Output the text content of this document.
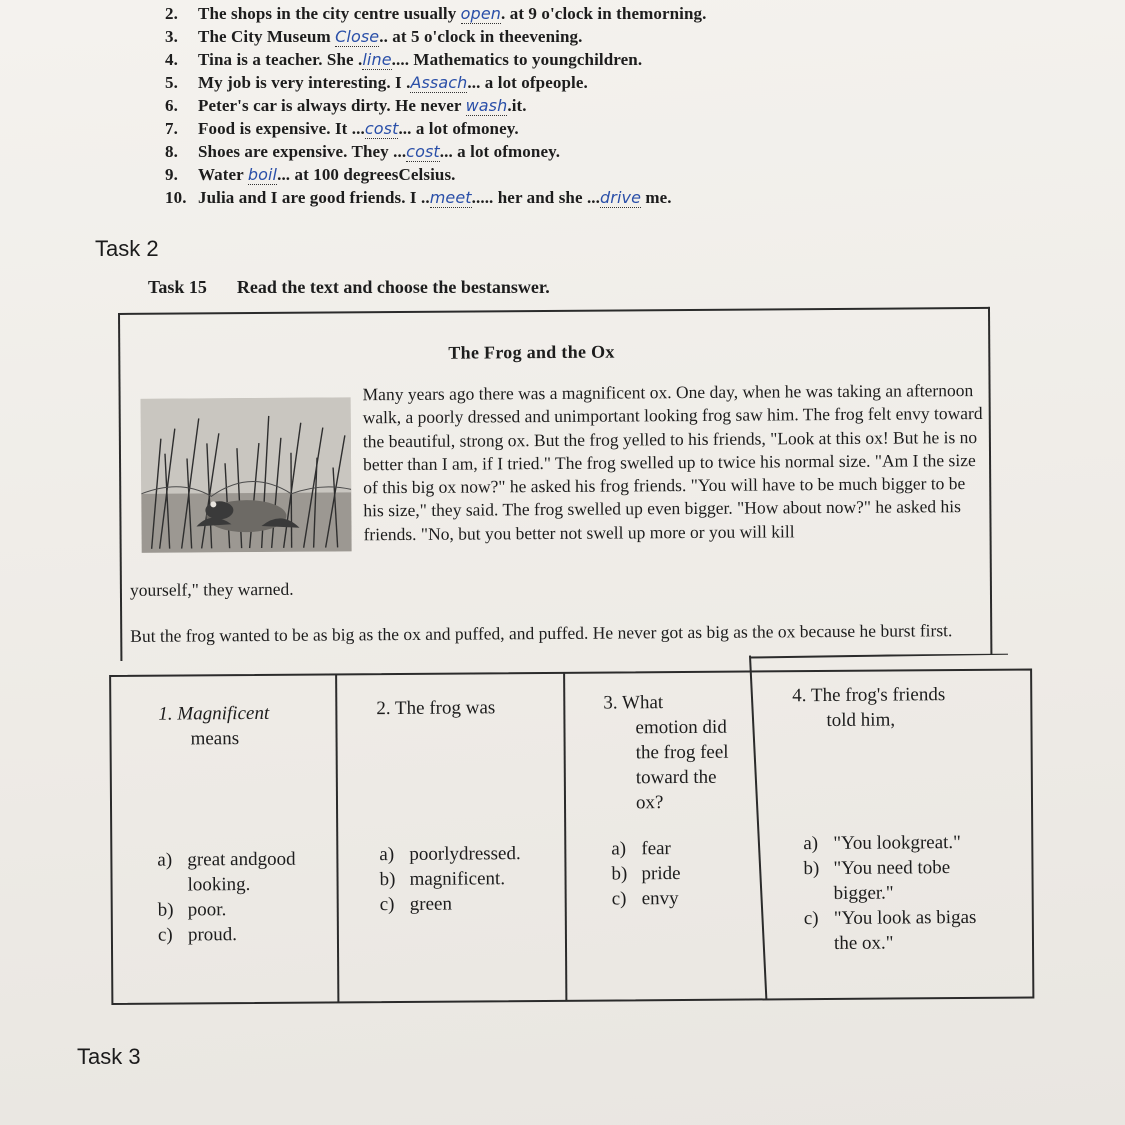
2. The shops in the city centre usually open. at 9 o'clock in themorning.
3. The City Museum Close.. at 5 o'clock in theevening.
4. Tina is a teacher. She .line.... Mathematics to youngchildren.
5. My job is very interesting. I .Assach... a lot ofpeople.
6. Peter's car is always dirty. He never wash.it.
7. Food is expensive. It ...cost... a lot ofmoney.
8. Shoes are expensive. They ...cost... a lot ofmoney.
9. Water boil... at 100 degreesCelsius.
10. Julia and I are good friends. I ..meet..... her and she ...drive me.
Task 2
Task 15 Read the text and choose the bestanswer.
The Frog and the Ox
Many years ago there was a magnificent ox. One day, when he was taking an afternoon walk, a poorly dressed and unimportant looking frog saw him. The frog felt envy toward the beautiful, strong ox. But the frog yelled to his friends, "Look at this ox! But he is no better than I am, if I tried." The frog swelled up to twice his normal size. "Am I the size of this big ox now?" he asked his frog friends. "You will have to be much bigger to be his size," they said. The frog swelled up even bigger. "How about now?" he asked his friends. "No, but you better not swell up more or you will kill
yourself," they warned.
But the frog wanted to be as big as the ox and puffed, and puffed. He never got as big as the ox because he burst first.
1. Magnificent
means
a) great andgood
looking.
b) poor.
c) proud.
2. The frog was
a) poorlydressed.
b) magnificent.
c) green
3. What
emotion did
the frog feel
toward the
ox?
a) fear
b) pride
c) envy
4. The frog's friends
told him,
a) "You lookgreat."
b) "You need tobe
bigger."
c) "You look as bigas
the ox."
Task 3
